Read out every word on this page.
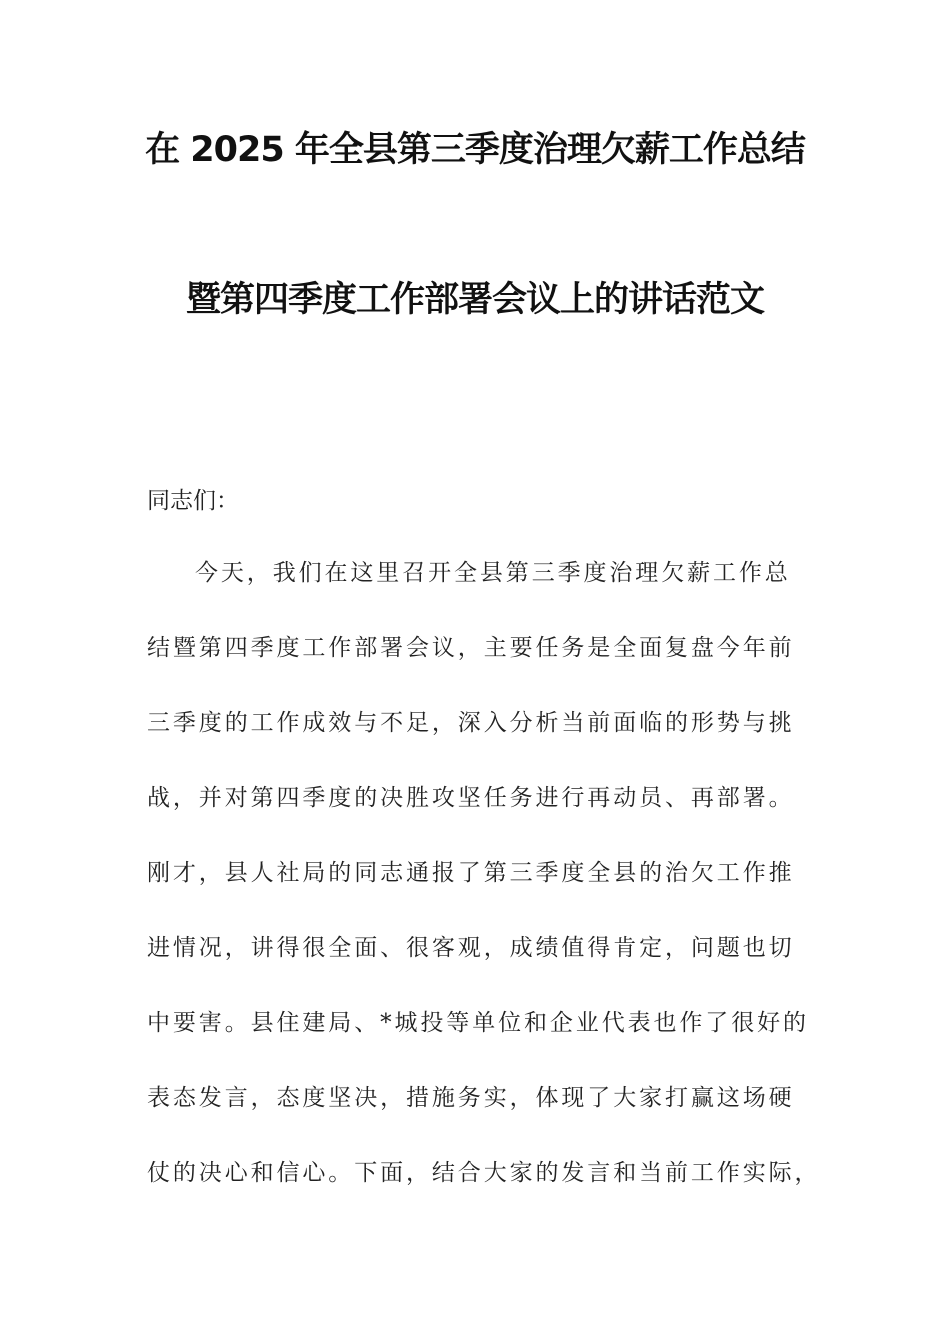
在 2025 年全县第三季度治理欠薪工作总结
暨第四季度工作部署会议上的讲话范文
同志们：
今天，我们在这里召开全县第三季度治理欠薪工作总
结暨第四季度工作部署会议，主要任务是全面复盘今年前
三季度的工作成效与不足，深入分析当前面临的形势与挑
战，并对第四季度的决胜攻坚任务进行再动员、再部署。
刚才，县人社局的同志通报了第三季度全县的治欠工作推
进情况，讲得很全面、很客观，成绩值得肯定，问题也切
中要害。县住建局、*城投等单位和企业代表也作了很好的
表态发言，态度坚决，措施务实，体现了大家打赢这场硬
仗的决心和信心。下面，结合大家的发言和当前工作实际，
